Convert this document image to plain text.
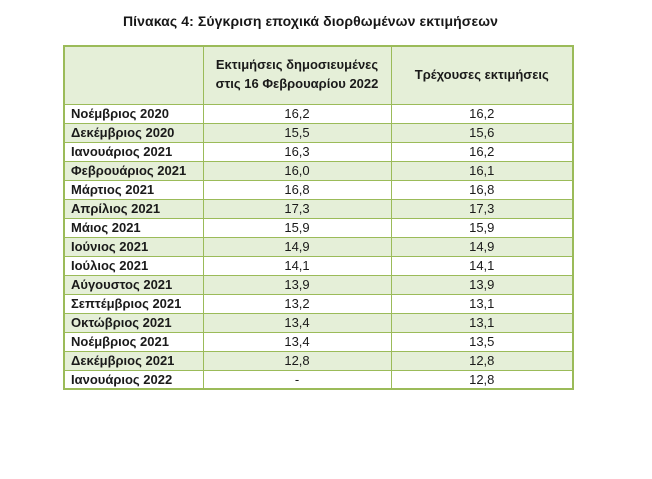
Πίνακας 4: Σύγκριση εποχικά διορθωμένων εκτιμήσεων
	Εκτιμήσεις δημοσιευμένες στις 16 Φεβρουαρίου 2022	Τρέχουσες εκτιμήσεις
Νοέμβριος 2020	16,2	16,2
Δεκέμβριος 2020	15,5	15,6
Ιανουάριος 2021	16,3	16,2
Φεβρουάριος 2021	16,0	16,1
Μάρτιος 2021	16,8	16,8
Απρίλιος 2021	17,3	17,3
Μάιος 2021	15,9	15,9
Ιούνιος 2021	14,9	14,9
Ιούλιος 2021	14,1	14,1
Αύγουστος 2021	13,9	13,9
Σεπτέμβριος 2021	13,2	13,1
Οκτώβριος 2021	13,4	13,1
Νοέμβριος 2021	13,4	13,5
Δεκέμβριος 2021	12,8	12,8
Ιανουάριος 2022	-	12,8
